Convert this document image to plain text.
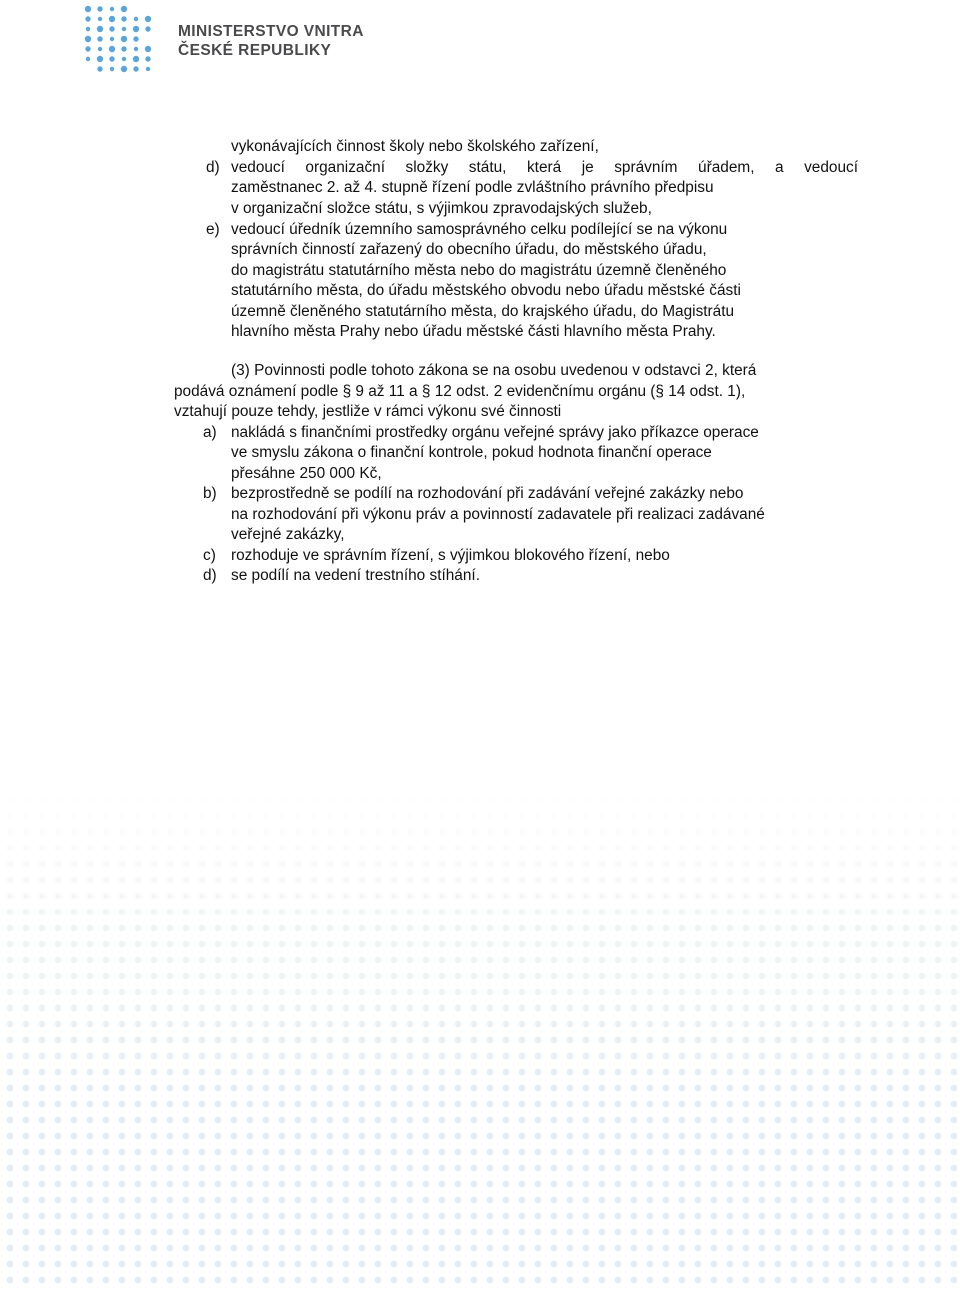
MINISTERSTVO VNITRA
ČESKÉ REPUBLIKY
vykonávajících činnost školy nebo školského zařízení,
d) vedoucí organizační složky státu, která je správním úřadem, a vedoucí
zaměstnanec 2. až 4. stupně řízení podle zvláštního právního předpisu
v organizační složce státu, s výjimkou zpravodajských služeb,
e) vedoucí úředník územního samosprávného celku podílející se na výkonu
správních činností zařazený do obecního úřadu, do městského úřadu,
do magistrátu statutárního města nebo do magistrátu územně členěného
statutárního města, do úřadu městského obvodu nebo úřadu městské části
územně členěného statutárního města, do krajského úřadu, do Magistrátu
hlavního města Prahy nebo úřadu městské části hlavního města Prahy.
(3) Povinnosti podle tohoto zákona se na osobu uvedenou v odstavci 2, která
podává oznámení podle § 9 až 11 a § 12 odst. 2 evidenčnímu orgánu (§ 14 odst. 1),
vztahují pouze tehdy, jestliže v rámci výkonu své činnosti
a) nakládá s finančními prostředky orgánu veřejné správy jako příkazce operace
ve smyslu zákona o finanční kontrole, pokud hodnota finanční operace
přesáhne 250 000 Kč,
b) bezprostředně se podílí na rozhodování při zadávání veřejné zakázky nebo
na rozhodování při výkonu práv a povinností zadavatele při realizaci zadávané
veřejné zakázky,
c) rozhoduje ve správním řízení, s výjimkou blokového řízení, nebo
d) se podílí na vedení trestního stíhání.
